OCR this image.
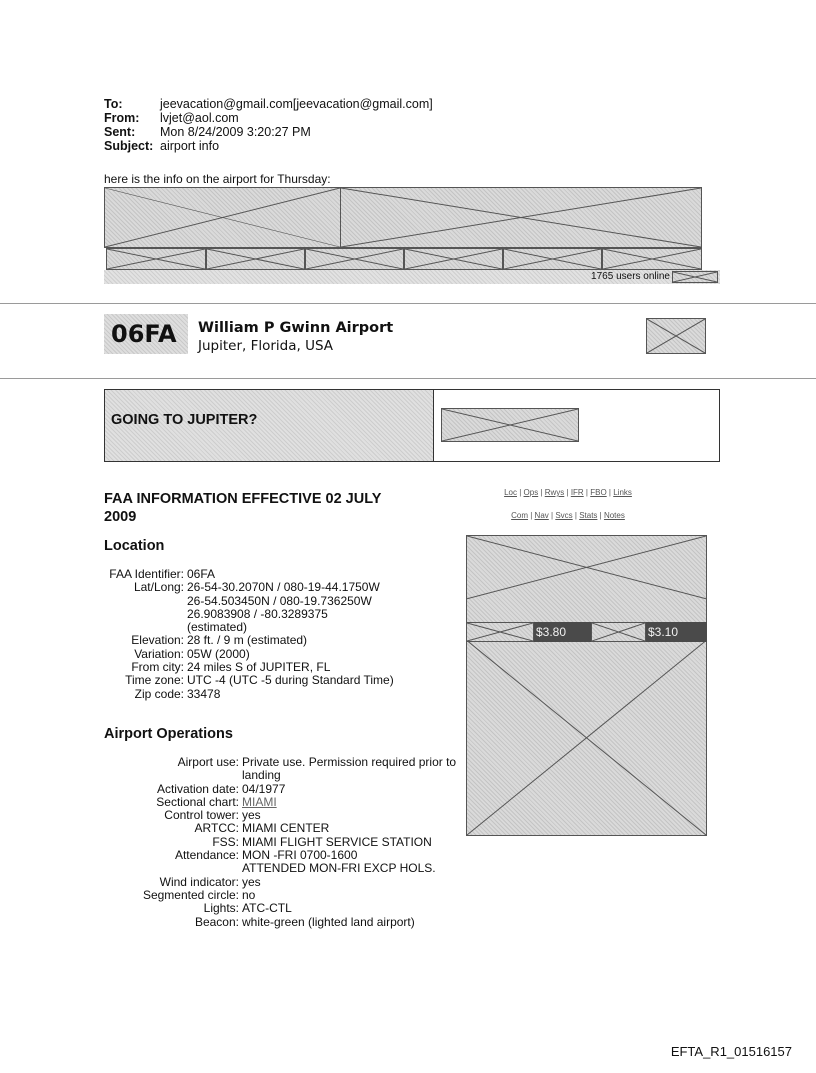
To:	jeevacation@gmail.com[jeevacation@gmail.com]
From: lvjet@aol.com
Sent: Mon 8/24/2009 3:20:27 PM
Subject: airport info
here is the info on the airport for Thursday:
1765 users online
06FA William P Gwinn Airport
Jupiter, Florida, USA
GOING TO JUPITER?
FAA INFORMATION EFFECTIVE 02 JULY
2009
Location
FAA Identifier:	06FA

Lat/Long:	26-54-30.2070N / 080-19-44.1750W
26-54.503450N / 080-19.736250W
26.9083908 / -80.3289375
(estimated)

Elevation:	28 ft. / 9 m (estimated)

Variation:	05W (2000)

From city:	24 miles S of JUPITER, FL

Time zone:	UTC -4 (UTC -5 during Standard Time)

Zip code:	33478
Airport Operations
Airport use:	Private use. Permission required prior to
landing

Activation date:	04/1977

Sectional chart:	MIAMI

Control tower:	yes

ARTCC:	MIAMI CENTER

FSS:	MIAMI FLIGHT SERVICE STATION

Attendance:	MON -FRI 0700-1600
ATTENDED MON-FRI EXCP HOLS.

Wind indicator:	yes

Segmented circle:	no

Lights:	ATC-CTL

Beacon:	white-green (lighted land airport)
Loc | Ops | Rwys | IFR | FBO | Links
Com | Nav | Svcs | Stats | Notes
$3.80	$3.10
EFTA_R1_01516157
